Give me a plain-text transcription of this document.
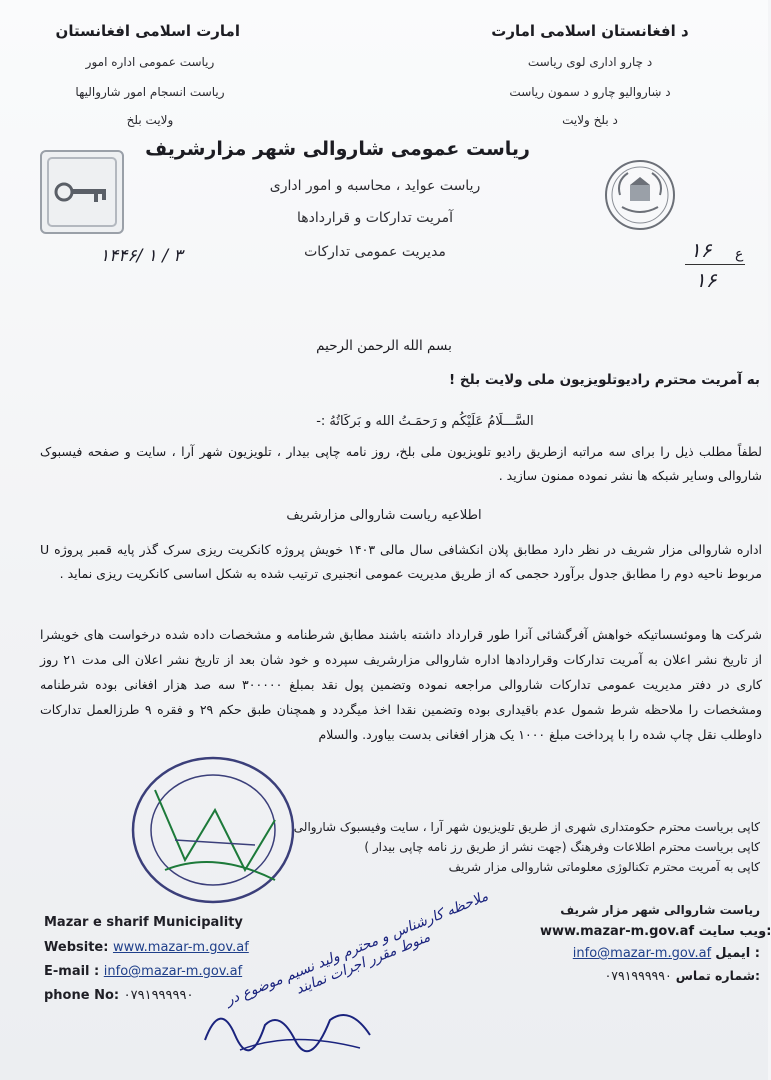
امارت اسلامی افغانستان
ریاست عمومی اداره امور
ریاست انسجام امور شاروالیها
ولایت بلخ
د افغانستان اسلامی امارت
د چارو اداری لوی ریاست
د ښاروالیو چارو د سمون ریاست
د بلخ ولایت
ریاست عمومی شاروالی شهر مزارشریف
ریاست عواید ، محاسبه و امور اداری
آمریت تدارکات و قراردادها
مدیریت عمومی تدارکات
۱۴۴۶/ ۱ / ۳	۱۶ ع
۱۶
بسم الله الرحمن الرحیم
به آمریت محترم رادیوتلویزیون ملی ولایت بلخ !
السَّـــلَامُ عَلَيْكُم و رَحمَـتُ الله و بَركَاتُهُ :-
لطفاً مطلب ذیل را برای سه مراتبه ازطریق رادیو تلویزیون ملی بلخ، روز نامه چاپی بیدار ، تلویزیون شهر آرا ، سایت و صفحه فیسبوک شاروالی وسایر شبکه ها نشر نموده ممنون سازید .
اطلاعیه ریاست شاروالی مزارشریف
اداره شاروالی مزار شریف در نظر دارد مطابق پلان انکشافی سال مالی ۱۴۰۳ خویش پروژه کانکریت ریزی سرک گذر پایه قمبر پروژه U مربوط ناحیه دوم را مطابق جدول برآورد حجمی که از طریق مدیریت عمومی انجنیری ترتیب شده به شکل اساسی کانکریت ریزی نماید .
شرکت ها وموئسساتیکه خواهش آفرگشائی آنرا طور قرارداد داشته باشند مطابق شرطنامه و مشخصات داده شده درخواست های خویشرا از تاریخ نشر اعلان به آمریت تدارکات وقراردادها اداره شاروالی مزارشریف سپرده و خود شان بعد از تاریخ نشر اعلان الی مدت ۲۱ روز کاری در دفتر مدیریت عمومی تدارکات شاروالی مراجعه نموده وتضمین پول نقد بمبلغ ۳۰۰۰۰۰ سه صد هزار افغانی بوده شرطنامه ومشخصات را ملاحظه شرط شمول عدم باقیداری بوده وتضمین نقدا اخذ میگردد و همچنان طبق حکم ۲۹ و فقره ۹ طرزالعمل تدارکات داوطلب نقل چاپ شده را با پرداخت مبلغ ۱۰۰۰ یک هزار افغانی بدست بیاورد. والسلام
کاپی بریاست محترم حکومتداری شهری از طریق تلویزیون شهر آرا ، سایت وفیسبوک شاروالی
کاپی بریاست محترم اطلاعات وفرهنگ (جهت نشر از طریق رز نامه چاپی بیدار )
کاپی به آمریت محترم تکنالوژی معلوماتی شاروالی مزار شریف
ملاحظه کارشناس و محترم ولید نسیم موضوع در منوط مقرر اجرات نمایند
ریاست شاروالی شهر مزار شریف
www.mazar-m.gov.af ویب سایت:
info@mazar-m.gov.af ایمیل :
۰۷۹۱۹۹۹۹۹۰ شماره تماس:
Mazar e sharif Municipality
Website: www.mazar-m.gov.af
E-mail : info@mazar-m.gov.af
phone No: ۰۷۹۱۹۹۹۹۹۰
